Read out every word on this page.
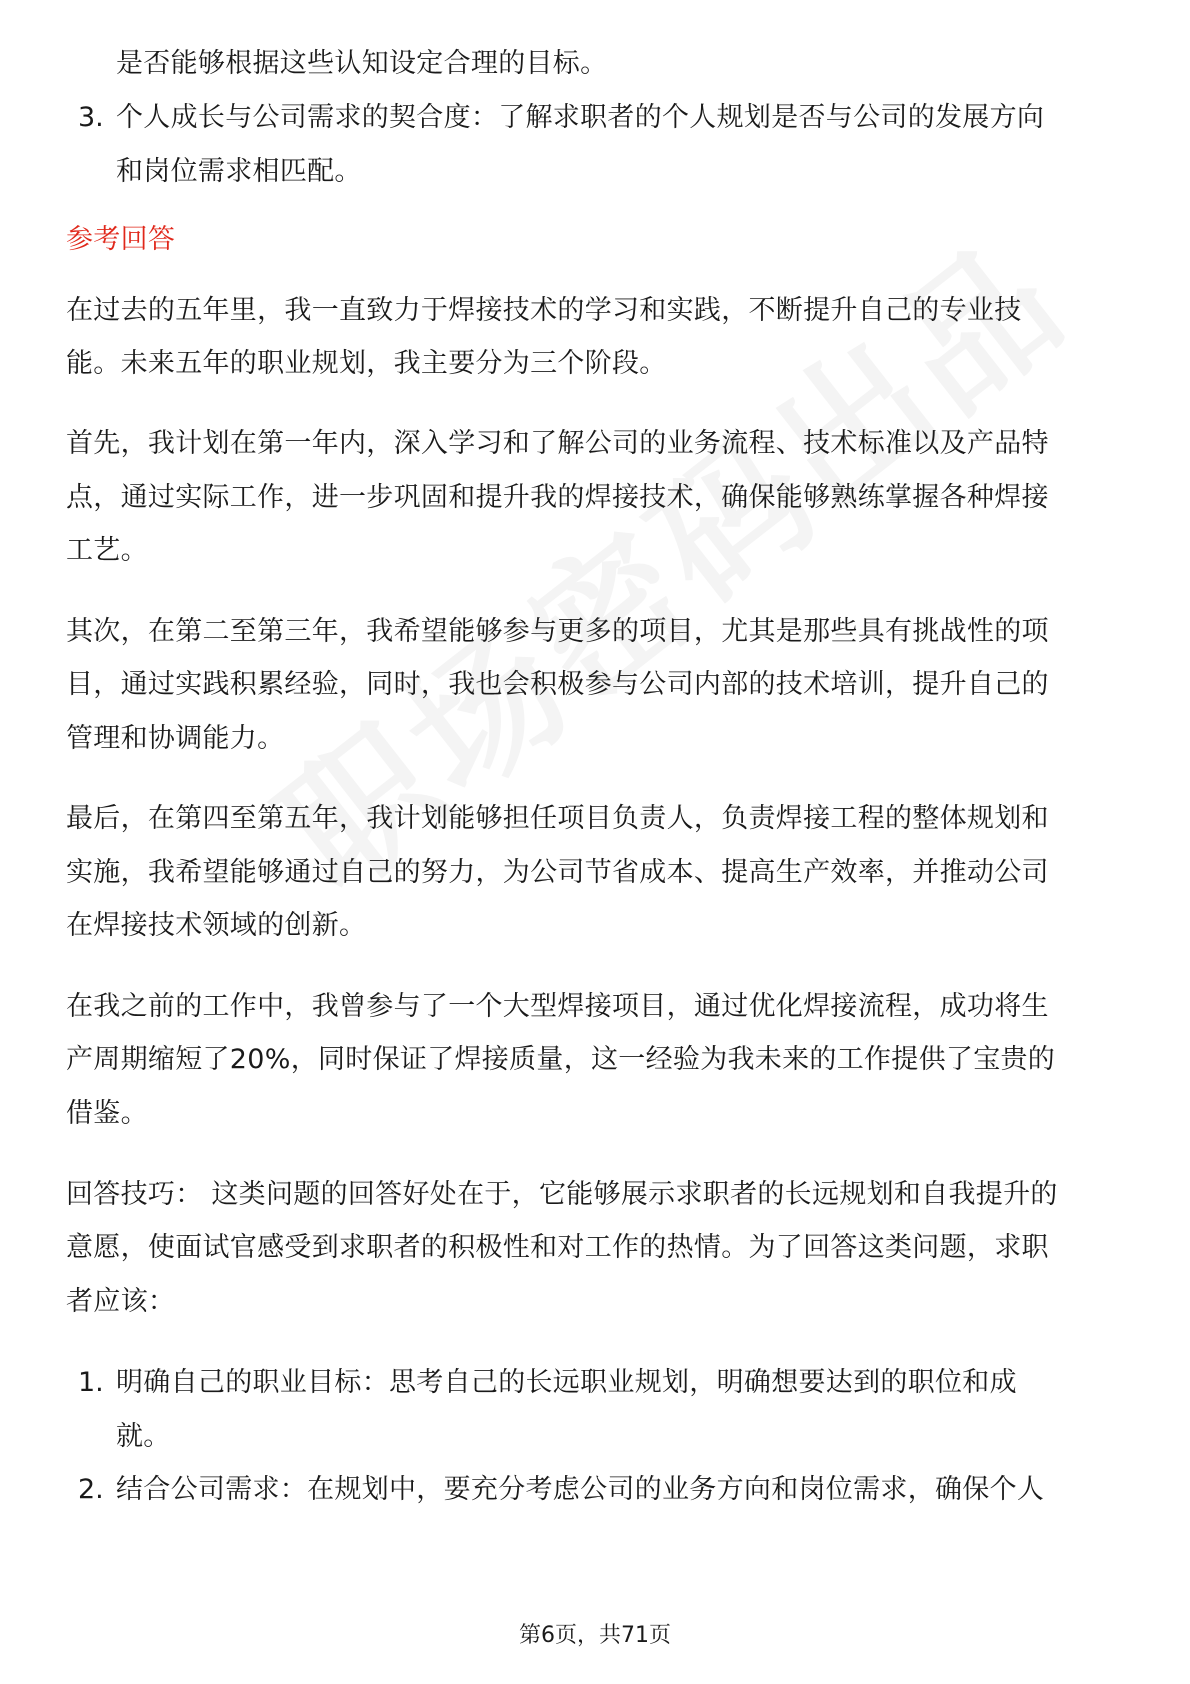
是否能够根据这些认知设定合理的目标。
3. 个人成长与公司需求的契合度：了解求职者的个人规划是否与公司的发展方向
和岗位需求相匹配。
参考回答
在过去的五年里，我一直致力于焊接技术的学习和实践，不断提升自己的专业技
能。未来五年的职业规划，我主要分为三个阶段。
首先，我计划在第一年内，深入学习和了解公司的业务流程、技术标准以及产品特
点，通过实际工作，进一步巩固和提升我的焊接技术，确保能够熟练掌握各种焊接
工艺。
其次，在第二至第三年，我希望能够参与更多的项目，尤其是那些具有挑战性的项
目，通过实践积累经验，同时，我也会积极参与公司内部的技术培训，提升自己的
管理和协调能力。
最后，在第四至第五年，我计划能够担任项目负责人，负责焊接工程的整体规划和
实施，我希望能够通过自己的努力，为公司节省成本、提高生产效率，并推动公司
在焊接技术领域的创新。
在我之前的工作中，我曾参与了一个大型焊接项目，通过优化焊接流程，成功将生
产周期缩短了20%，同时保证了焊接质量，这一经验为我未来的工作提供了宝贵的
借鉴。
回答技巧： 这类问题的回答好处在于，它能够展示求职者的长远规划和自我提升的
意愿，使面试官感受到求职者的积极性和对工作的热情。为了回答这类问题，求职
者应该：
1. 明确自己的职业目标：思考自己的长远职业规划，明确想要达到的职位和成
就。
2. 结合公司需求：在规划中，要充分考虑公司的业务方向和岗位需求，确保个人
第6页，共71页
